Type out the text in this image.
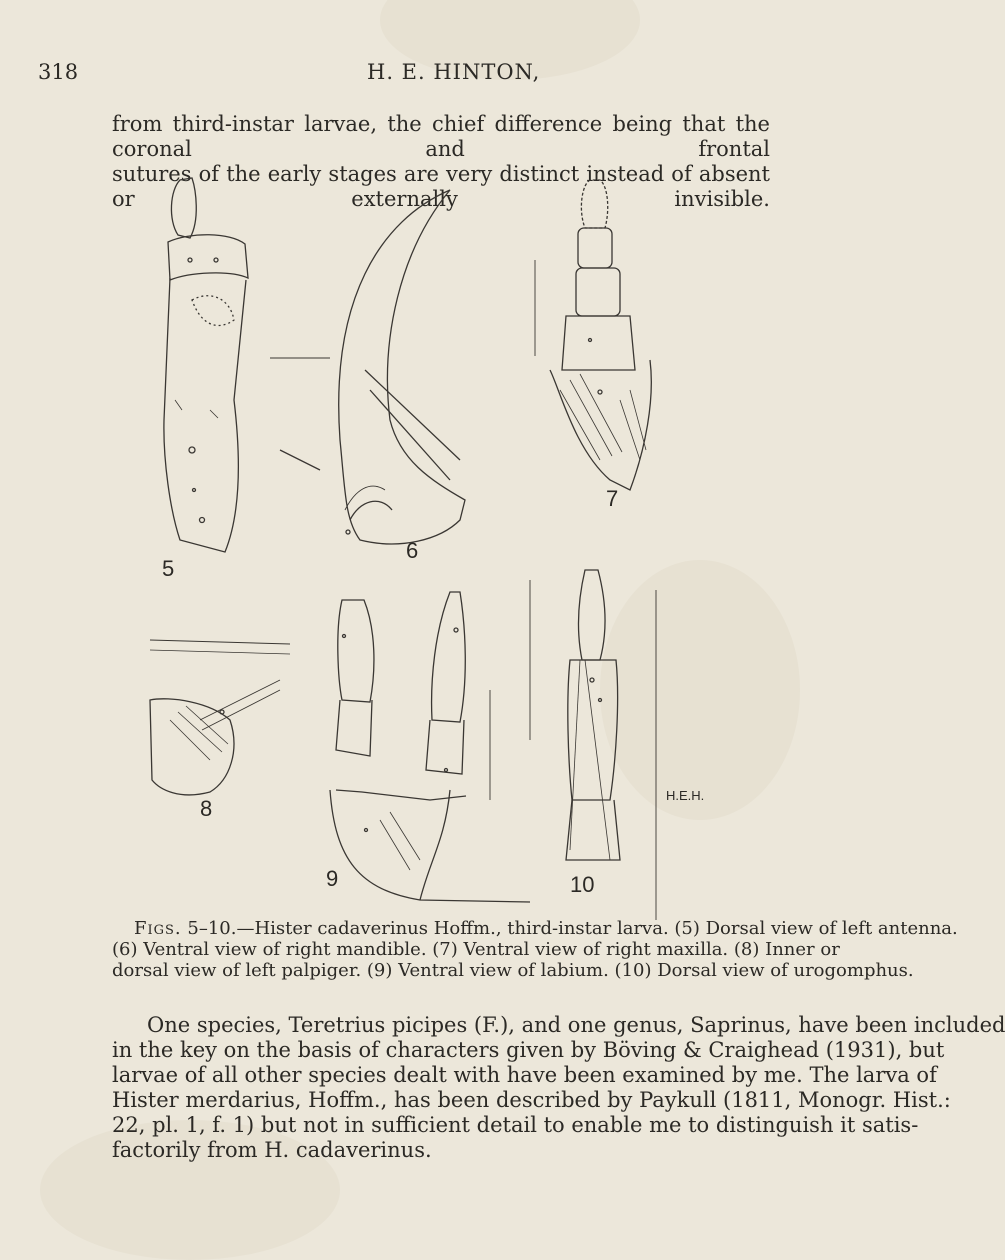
318	H. E. HINTON,
from third-instar larvae, the chief difference being that the coronal and frontal
sutures of the early stages are very distinct instead of absent or externally invisible.
5
6
7
8
9	10
H.E.H.
Figs. 5–10.—Hister cadaverinus Hoffm., third-instar larva. (5) Dorsal view of left antenna.
(6) Ventral view of right mandible. (7) Ventral view of right maxilla. (8) Inner or
dorsal view of left palpiger. (9) Ventral view of labium. (10) Dorsal view of urogomphus.
One species, Teretrius picipes (F.), and one genus, Saprinus, have been included
in the key on the basis of characters given by Böving & Craighead (1931), but
larvae of all other species dealt with have been examined by me. The larva of
Hister merdarius, Hoffm., has been described by Paykull (1811, Monogr. Hist.:
22, pl. 1, f. 1) but not in sufficient detail to enable me to distinguish it satis-
factorily from H. cadaverinus.
